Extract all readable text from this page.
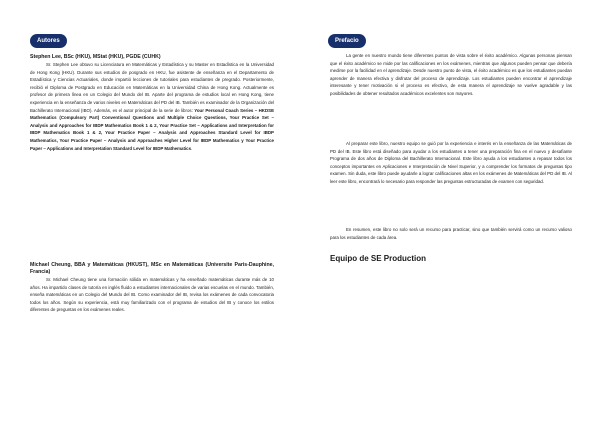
Autores

Stephen Lee, BSc (HKU), MStat (HKU), PGDE (CUHK)

Sr. Stephen Lee obtuvo su Licenciatura en Matemáticas y Estadística y su Master en Estadística en la Universidad de Hong Kong (HKU). Durante sus estudios de posgrado en HKU, fue asistente de enseñanza en el Departamento de Estadística y Ciencias Actuariales, donde impartió lecciones de tutoriales para estudiantes de pregrado. Posteriormente, recibió el Diploma de Postgrado en Educación en Matemáticas en la Universidad China de Hong Kong. Actualmente es profesor de primera línea en un Colegio del Mundo del IB. Aparte del programa de estudios local en Hong Kong, tiene experiencia en la enseñanza de varios niveles en Matemáticas del PD del IB. También es examinador de la Organización del Bachillerato Internacional (IBO). Además, es el autor principal de la serie de libros: Your Personal Coach Series – HKDSE Mathematics (Compulsory Part) Conventional Questions and Multiple Choice Questions, Your Practice Set – Analysis and Approaches for IBDP Mathematics Book 1 & 2, Your Practice Set – Applications and Interpretation for IBDP Mathematics Book 1 & 2, Your Practice Paper – Analysis and Approaches Standard Level for IBDP Mathematics, Your Practice Paper – Analysis and Approaches Higher Level for IBDP Mathematics y Your Practice Paper – Applications and Interpretation Standard Level for IBDP Mathematics.

Michael Cheung, BBA y Matemáticas (HKUST), MSc en Matemáticas (Universite Paris-Dauphine, Francia)

Sr. Michael Cheung tiene una formación sólida en matemáticas y ha enseñado matemáticas durante más de 10 años. Ha impartido clases de tutoría en inglés fluido a estudiantes internacionales de varias escuelas en el mundo. También, enseña matemáticas en un Colegio del Mundo del IB. Como examinador del IB, revisa los exámenes de cada convocatoria todos los años. Según su experiencia, está muy familiarizado con el programa de estudios del IB y conoce los estilos diferentes de preguntas en los exámenes reales.

Prefacio

La gente en nuestro mundo tiene diferentes puntos de vista sobre el éxito académico. Algunas personas piensan que el éxito académico se mide por las calificaciones en los exámenes, mientras que algunos pueden pensar que debería medirse por la facilidad en el aprendizaje. Desde nuestro punto de vista, el éxito académico es que los estudiantes puedan aprender de manera efectiva y disfrutar del proceso de aprendizaje. Los estudiantes pueden encontrar el aprendizaje interesante y tener motivación si el proceso es efectivo, de esta manera el aprendizaje se vuelve agradable y las posibilidades de obtener resultados académicos excelentes son mayores.

Al preparar este libro, nuestro equipo se guió por la experiencia e interés en la enseñanza de las Matemáticas de PD del IB. Este libro está diseñado para ayudar a los estudiantes a tener una preparación fina en el nuevo y desafiante Programa de dos años de Diploma del Bachillerato Internacional. Este libro ayuda a los estudiantes a repasar todos los conceptos importantes en Aplicaciones e Interpretación de Nivel Superior, y a comprender los formatos de preguntas tipo examen. Sin duda, este libro puede ayudarle a lograr calificaciones altas en los exámenes de Matemáticas del PD del IB. Al leer este libro, encontrará lo necesario para responder las preguntas estructuradas de examen con seguridad.

En resumen, este libro no solo será un recurso para practicar, sino que también servirá como un recurso valioso para los estudiantes de cada área.

Equipo de SE Production
